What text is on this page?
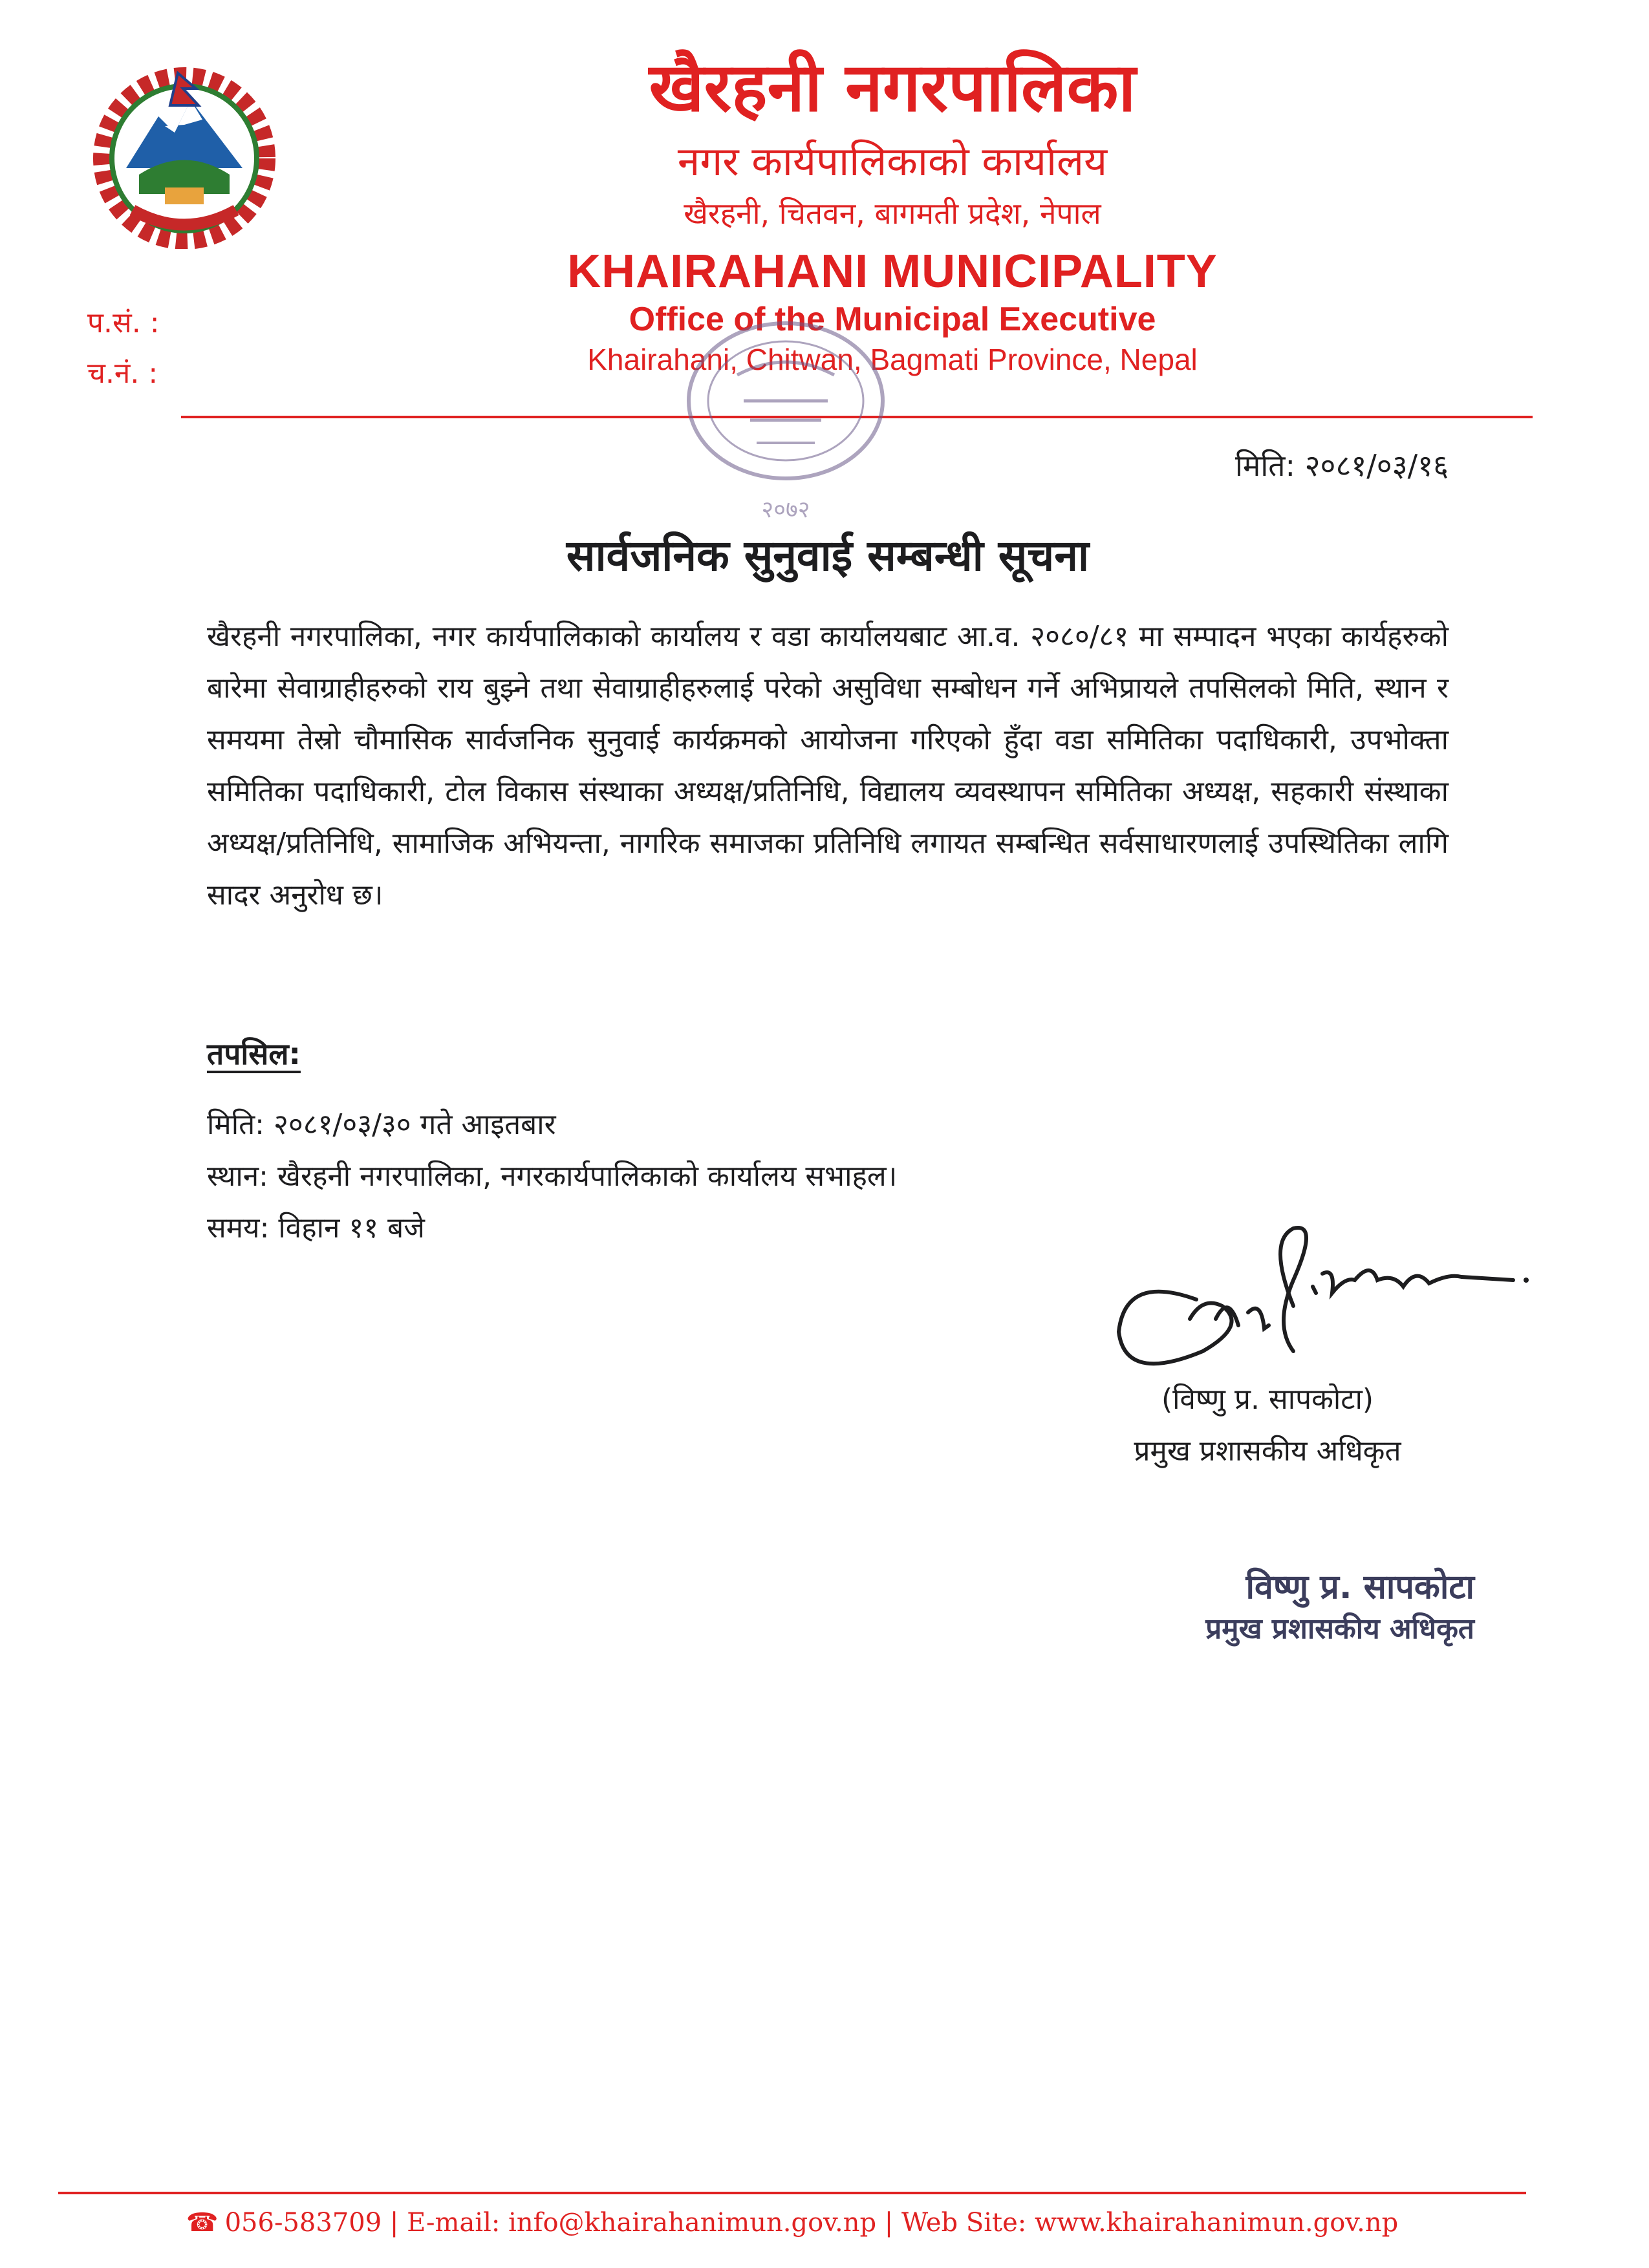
खैरहनी नगरपालिका
नगर कार्यपालिकाको कार्यालय
खैरहनी, चितवन, बागमती प्रदेश, नेपाल
KHAIRAHANI MUNICIPALITY
Office of the Municipal Executive
Khairahani, Chitwan, Bagmati Province, Nepal
प.सं. :
च.नं. :
२०७२
मिति: २०८१/०३/१६
सार्वजनिक सुनुवाई सम्बन्धी सूचना
खैरहनी नगरपालिका, नगर कार्यपालिकाको कार्यालय र वडा कार्यालयबाट आ.व. २०८०/८१ मा सम्पादन भएका कार्यहरुको बारेमा सेवाग्राहीहरुको राय बुझ्ने तथा सेवाग्राहीहरुलाई परेको असुविधा सम्बोधन गर्ने अभिप्रायले तपसिलको मिति, स्थान र समयमा तेस्रो चौमासिक सार्वजनिक सुनुवाई कार्यक्रमको आयोजना गरिएको हुँदा वडा समितिका पदाधिकारी, उपभोक्ता समितिका पदाधिकारी, टोल विकास संस्थाका अध्यक्ष/प्रतिनिधि, विद्यालय व्यवस्थापन समितिका अध्यक्ष, सहकारी संस्थाका अध्यक्ष/प्रतिनिधि, सामाजिक अभियन्ता, नागरिक समाजका प्रतिनिधि लगायत सम्बन्धित सर्वसाधारणलाई उपस्थितिका लागि सादर अनुरोध छ।
तपसिल:
मिति: २०८१/०३/३० गते आइतबार
स्थान: खैरहनी नगरपालिका, नगरकार्यपालिकाको कार्यालय सभाहल।
समय: विहान ११ बजे
(विष्णु प्र. सापकोटा)
प्रमुख प्रशासकीय अधिकृत
विष्णु प्र. सापकोटा
प्रमुख प्रशासकीय अधिकृत
☎ 056-583709 | E-mail: info@khairahanimun.gov.np | Web Site: www.khairahanimun.gov.np
